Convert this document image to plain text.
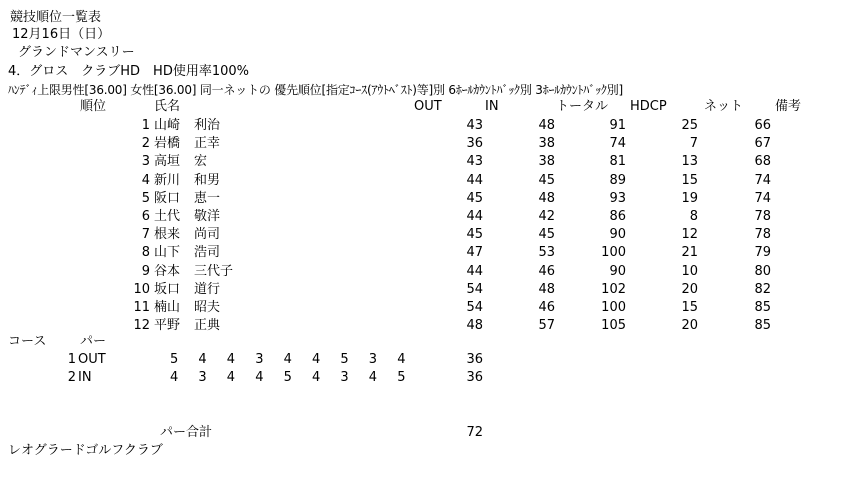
競技順位一覧表
12月16日（日）
グランドマンスリー
4．グロス　クラブHD　HD使用率100%
ﾊﾝﾃﾞｨ上限男性[36.00] 女性[36.00] 同一ネットの 優先順位[指定ｺｰｽ(ｱｳﾄﾍﾞｽﾄ)等]別 6ﾎｰﾙｶｳﾝﾄﾊﾞｯｸ別 3ﾎｰﾙｶｳﾝﾄﾊﾞｯｸ別]
順位	氏名	OUT	IN	トータル HDCP	ネット 備考
1 山崎 利治	43	48	91	25	66
2 岩橋 正幸	36	38	74	7	67
3 高垣 宏	43	38	81	13	68
4 新川 和男	44	45	89	15	74
5 阪口 恵一	45	48	93	19	74
6 土代 敬洋	44	42	86	8	78
7 根来 尚司	45	45	90	12	78
8 山下 浩司	47	53	100	21	79
9 谷本 三代子	44	46	90	10	80
10 坂口 道行	54	48	102	20	82
11 楠山 昭夫	54	46	100	15	85
12 平野 正典	48	57	105	20	85
コース	パー
1 OUT	5 4 4 3 4 4 5 3 4	36
2 IN	4 3 4 4 5 4 3 4 5	36
パー合計	72
レオグラードゴルフクラブ
